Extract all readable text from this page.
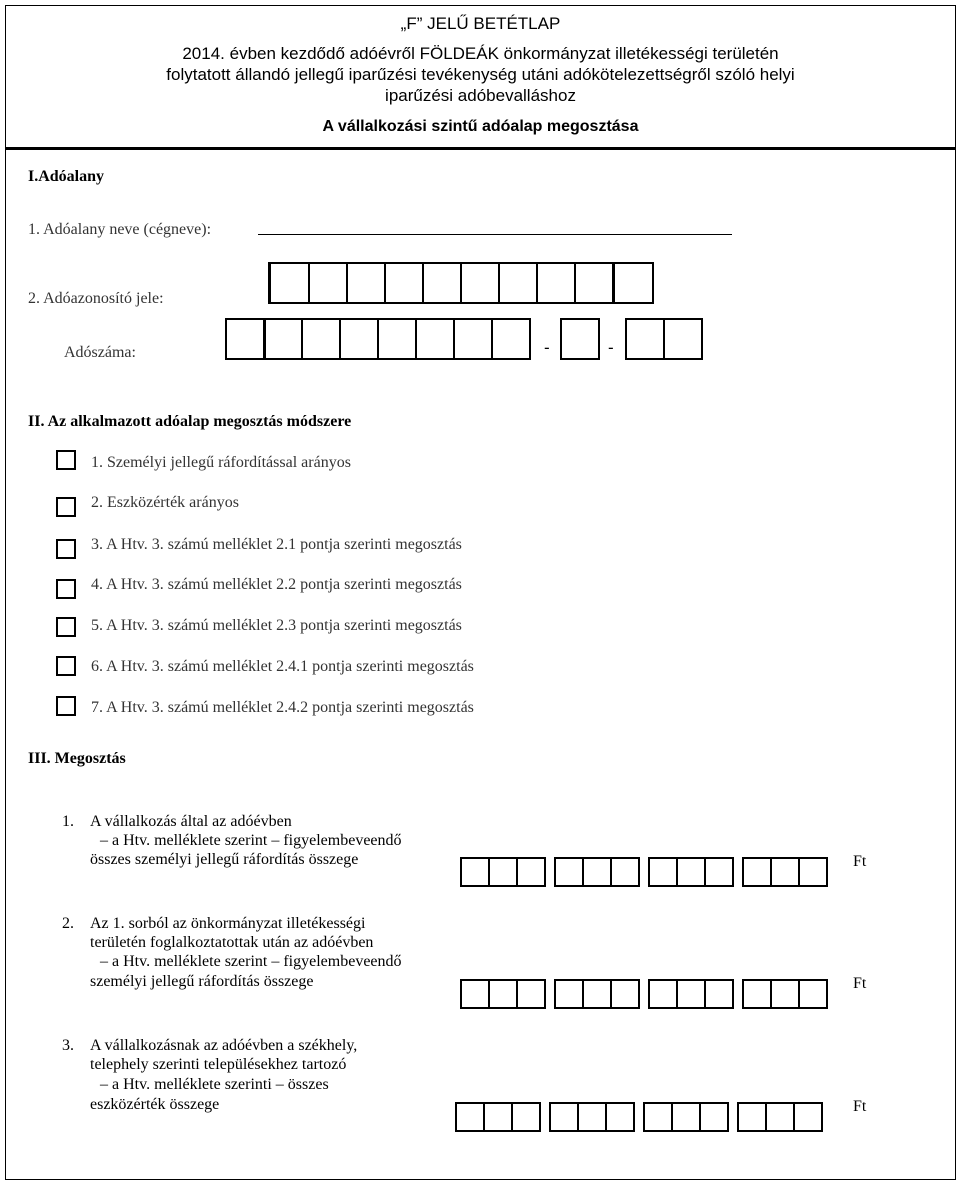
„F” JELŰ BETÉTLAP
2014. évben kezdődő adóévről FÖLDEÁK önkormányzat illetékességi területén
folytatott állandó jellegű iparűzési tevékenység utáni adókötelezettségről szóló helyi
iparűzési adóbevalláshoz
A vállalkozási szintű adóalap megosztása
I.Adóalany
1. Adóalany neve (cégneve):
2. Adóazonosító jele:
Adószáma:	-	-
II. Az alkalmazott adóalap megosztás módszere
1. Személyi jellegű ráfordítással arányos
2. Eszközérték arányos
3. A Htv. 3. számú melléklet 2.1 pontja szerinti megosztás
4. A Htv. 3. számú melléklet 2.2 pontja szerinti megosztás
5. A Htv. 3. számú melléklet 2.3 pontja szerinti megosztás
6. A Htv. 3. számú melléklet 2.4.1 pontja szerinti megosztás
7. A Htv. 3. számú melléklet 2.4.2 pontja szerinti megosztás
III. Megosztás
1. A vállalkozás által az adóévben
– a Htv. melléklete szerint – figyelembeveendő
összes személyi jellegű ráfordítás összege	Ft
2. Az 1. sorból az önkormányzat illetékességi
területén foglalkoztatottak után az adóévben
– a Htv. melléklete szerint – figyelembeveendő
személyi jellegű ráfordítás összege	Ft
3. A vállalkozásnak az adóévben a székhely,
telephely szerinti településekhez tartozó
– a Htv. melléklete szerinti – összes
eszközérték összege	Ft
